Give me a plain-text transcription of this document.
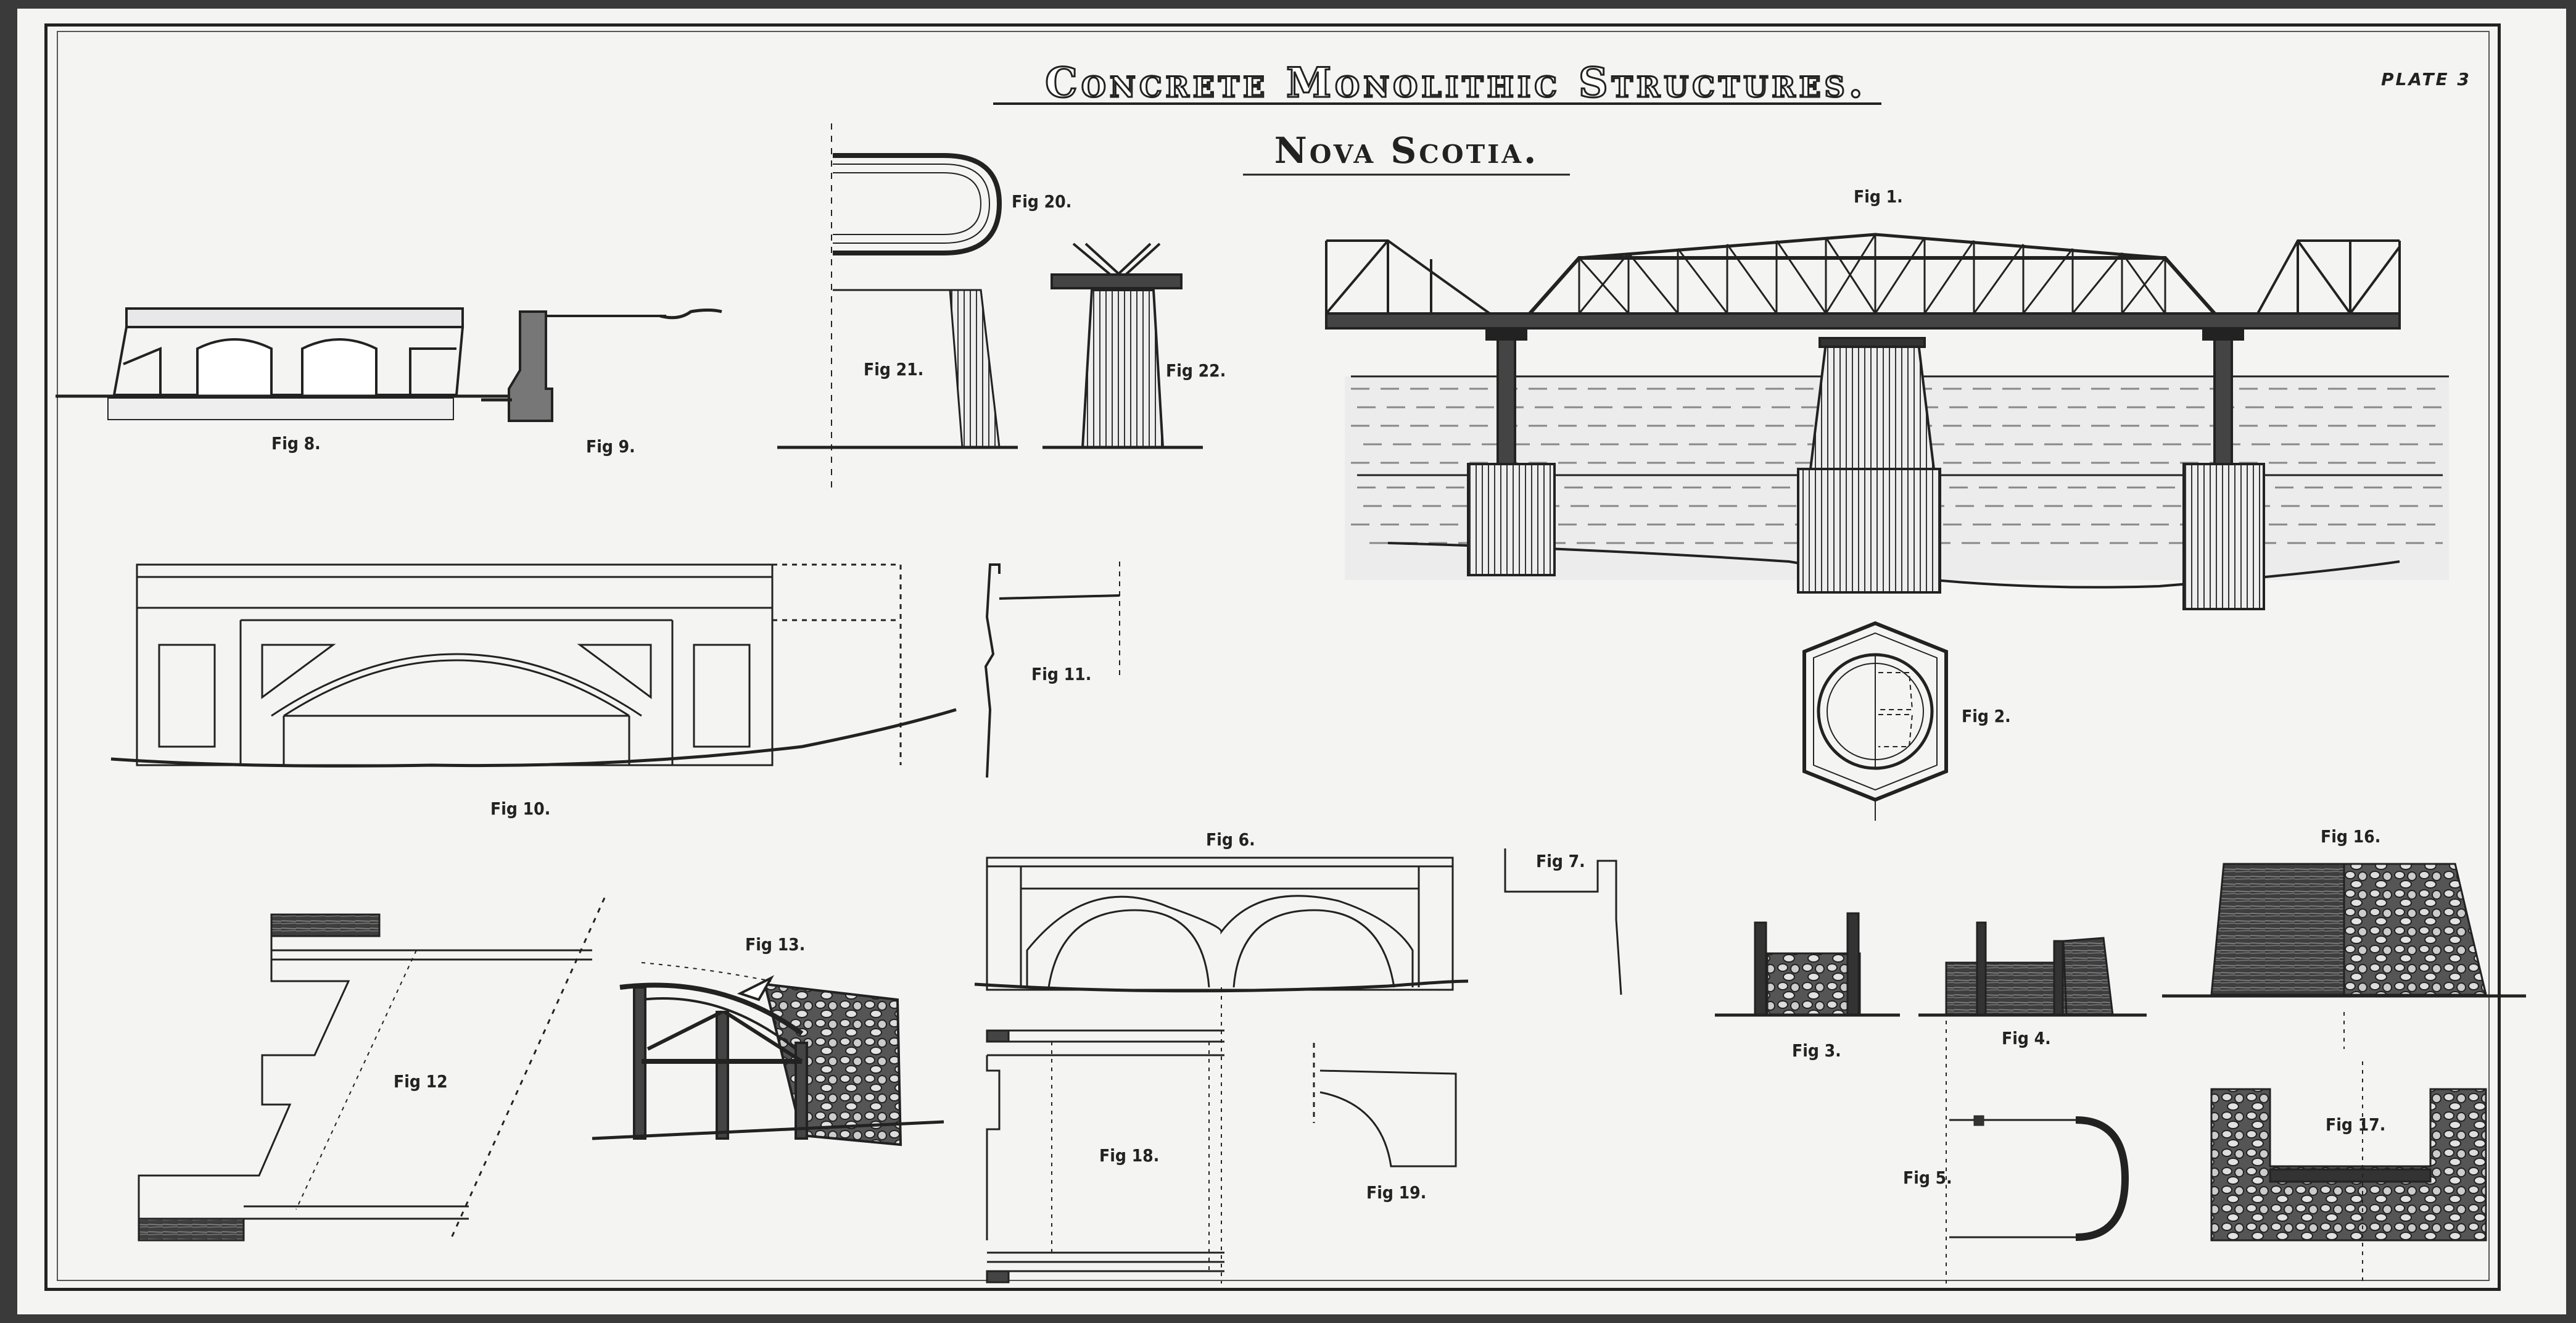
Concrete Monolithic Structures.
Nova Scotia.
PLATE 3
Fig 1.
Fig 2.
Fig 3.
Fig 4.
Fig 5.
Fig 6.
Fig 7.
Fig 8.	Fig 9.
Fig 10.
Fig 11.
Fig 12
Fig 13.
Fig 16.
Fig 17.
Fig 18.
Fig 19.
Fig 20.
Fig 21.	Fig 22.
